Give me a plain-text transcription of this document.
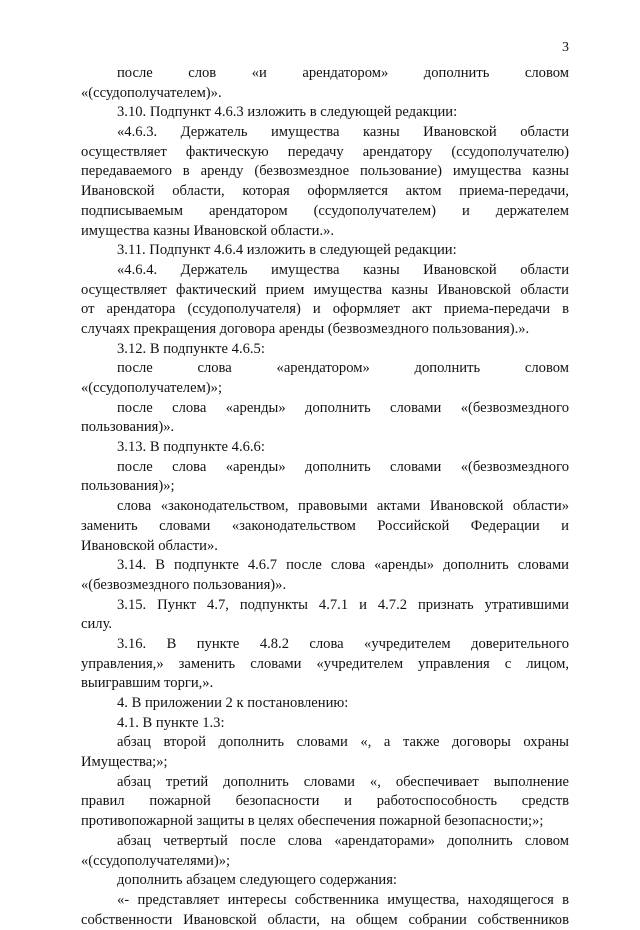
3
после слов «и арендатором» дополнить словом
«(ссудополучателем)».
3.10. Подпункт 4.6.3 изложить в следующей редакции:
«4.6.3. Держатель имущества казны Ивановской области
осуществляет фактическую передачу арендатору (ссудополучателю)
передаваемого в аренду (безвозмездное пользование) имущества казны
Ивановской области, которая оформляется актом приема-передачи,
подписываемым арендатором (ссудополучателем) и держателем
имущества казны Ивановской области.».
3.11. Подпункт 4.6.4 изложить в следующей редакции:
«4.6.4. Держатель имущества казны Ивановской области
осуществляет фактический прием имущества казны Ивановской области
от арендатора (ссудополучателя) и оформляет акт приема-передачи в
случаях прекращения договора аренды (безвозмездного пользования).».
3.12. В подпункте 4.6.5:
после слова «арендатором» дополнить словом
«(ссудополучателем)»;
после слова «аренды» дополнить словами «(безвозмездного
пользования)».
3.13. В подпункте 4.6.6:
после слова «аренды» дополнить словами «(безвозмездного
пользования)»;
слова «законодательством, правовыми актами Ивановской области»
заменить словами «законодательством Российской Федерации и
Ивановской области».
3.14. В подпункте 4.6.7 после слова «аренды» дополнить словами
«(безвозмездного пользования)».
3.15. Пункт 4.7, подпункты 4.7.1 и 4.7.2 признать утратившими
силу.
3.16. В пункте 4.8.2 слова «учредителем доверительного
управления,» заменить словами «учредителем управления с лицом,
выигравшим торги,».
4. В приложении 2 к постановлению:
4.1. В пункте 1.3:
абзац второй дополнить словами «, а также договоры охраны
Имущества;»;
абзац третий дополнить словами «, обеспечивает выполнение
правил пожарной безопасности и работоспособность средств
противопожарной защиты в целях обеспечения пожарной безопасности;»;
абзац четвертый после слова «арендаторами» дополнить словом
«(ссудополучателями)»;
дополнить абзацем следующего содержания:
«- представляет интересы собственника имущества, находящегося в
собственности Ивановской области, на общем собрании собственников
